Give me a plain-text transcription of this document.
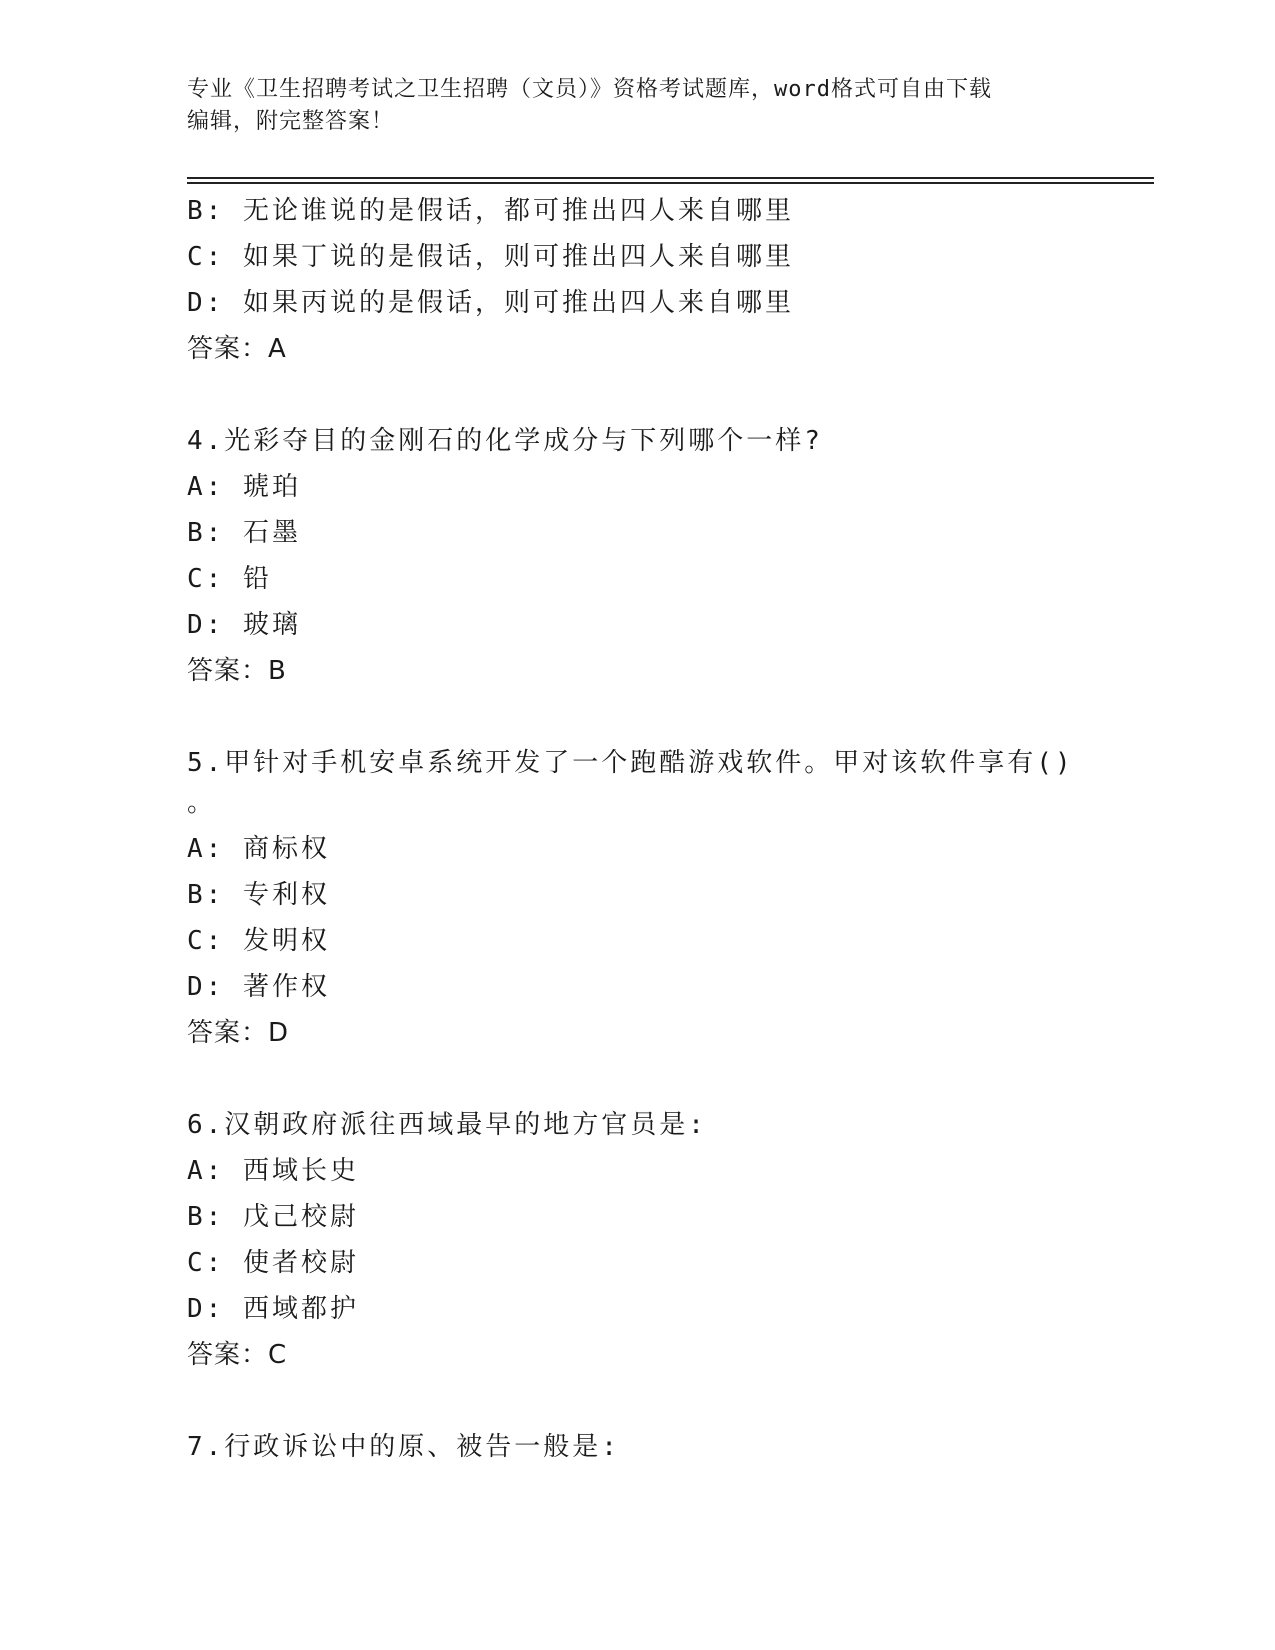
专业《卫生招聘考试之卫生招聘（文员）》资格考试题库，word格式可自由下载
编辑，附完整答案！
B: 无论谁说的是假话，都可推出四人来自哪里
C: 如果丁说的是假话，则可推出四人来自哪里
D: 如果丙说的是假话，则可推出四人来自哪里
答案：A
4.光彩夺目的金刚石的化学成分与下列哪个一样?
A: 琥珀
B: 石墨
C: 铅
D: 玻璃
答案：B
5.甲针对手机安卓系统开发了一个跑酷游戏软件。甲对该软件享有()
。
A: 商标权
B: 专利权
C: 发明权
D: 著作权
答案：D
6.汉朝政府派往西域最早的地方官员是:
A: 西域长史
B: 戊己校尉
C: 使者校尉
D: 西域都护
答案：C
7.行政诉讼中的原、被告一般是:
